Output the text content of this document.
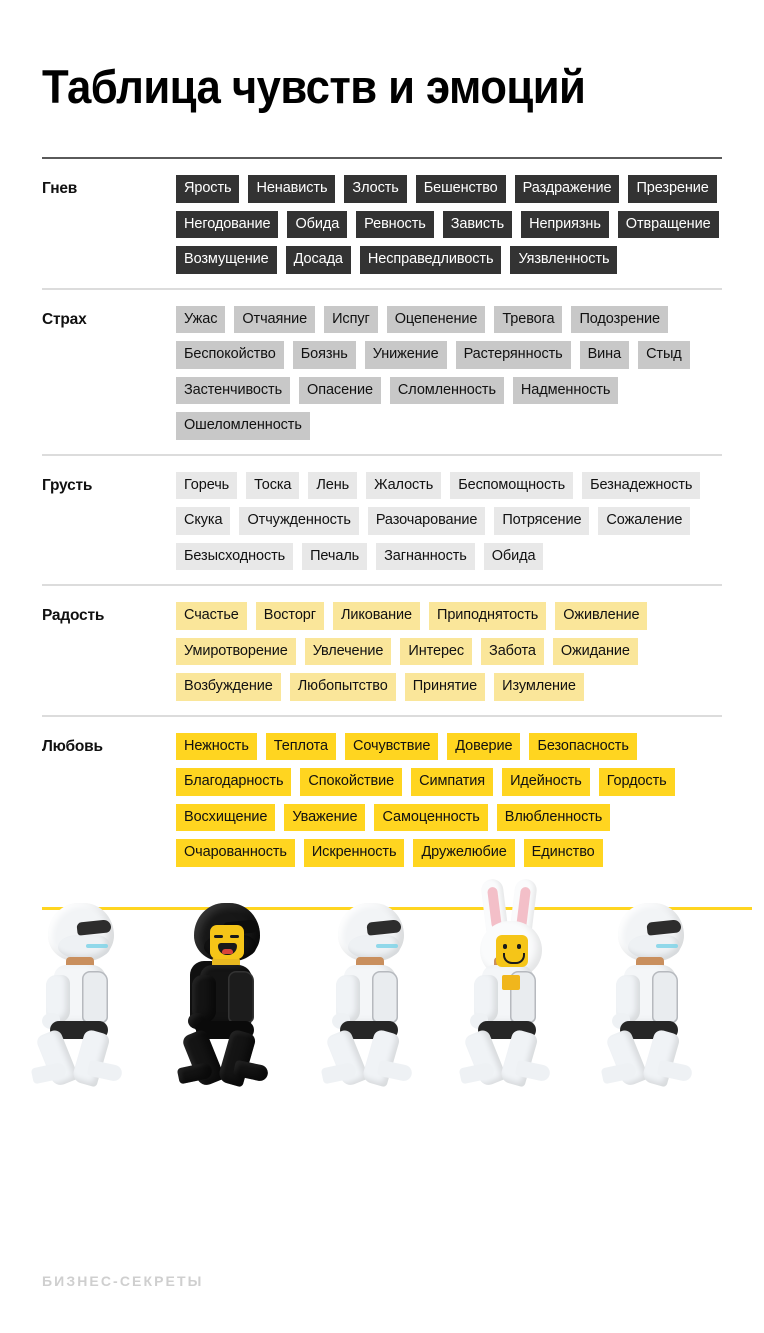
Таблица чувств и эмоций
Гнев	Ярость	Ненависть	Злость	Бешенство	Раздражение	Презрение
Негодование	Обида	Ревность	Зависть	Неприязнь	Отвращение
Возмущение	Досада	Несправедливость	Уязвленность
Страх	Ужас	Отчаяние	Испуг	Оцепенение	Тревога	Подозрение
Беспокойство	Боязнь	Унижение	Растерянность	Вина	Стыд
Застенчивость	Опасение	Сломленность	Надменность
Ошеломленность
Грусть	Горечь	Тоска	Лень	Жалость	Беспомощность	Безнадежность
Скука	Отчужденность	Разочарование	Потрясение	Сожаление
Безысходность	Печаль	Загнанность	Обида
Радость	Счастье	Восторг	Ликование	Приподнятость	Оживление
Умиротворение	Увлечение	Интерес	Забота	Ожидание
Возбуждение	Любопытство	Принятие	Изумление
Любовь	Нежность	Теплота	Сочувствие	Доверие	Безопасность
Благодарность	Спокойствие	Симпатия	Идейность	Гордость
Восхищение	Уважение	Самоценность	Влюбленность
Очарованность	Искренность	Дружелюбие	Единство
БИЗНЕС-СЕКРЕТЫ
